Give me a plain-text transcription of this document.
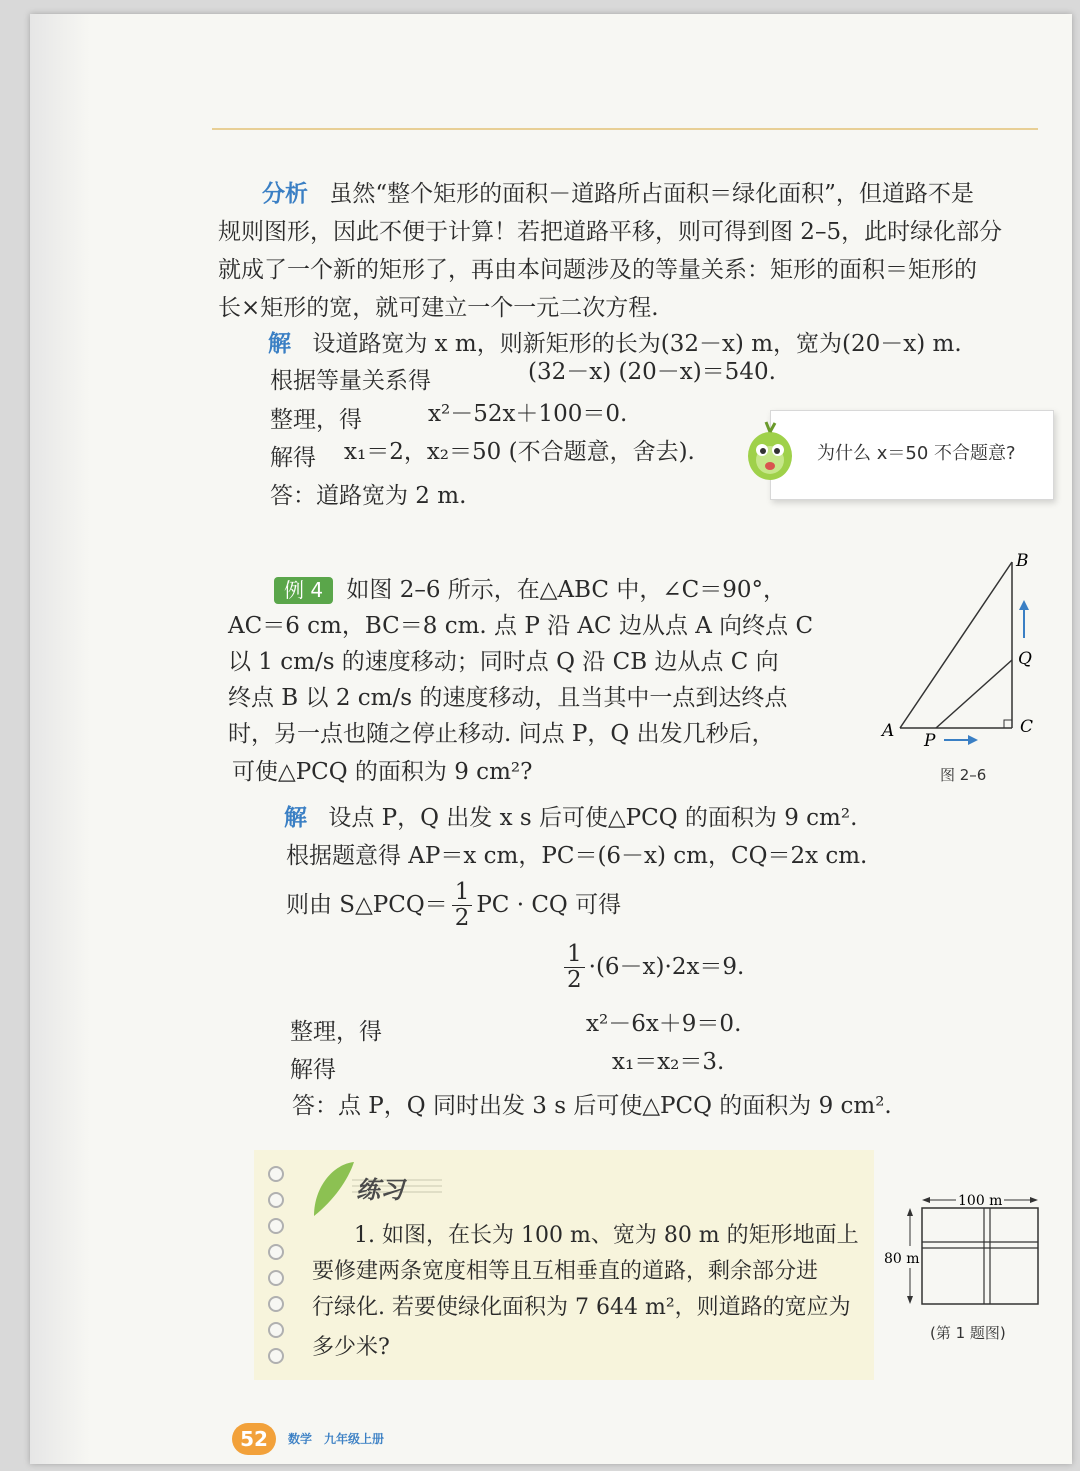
分析 虽然“整个矩形的面积－道路所占面积＝绿化面积”，但道路不是
规则图形，因此不便于计算！若把道路平移，则可得到图 2–5，此时绿化部分
就成了一个新的矩形了，再由本问题涉及的等量关系：矩形的面积＝矩形的
长×矩形的宽，就可建立一个一元二次方程.
解 设道路宽为 x m，则新矩形的长为(32－x) m，宽为(20－x) m.
根据等量关系得	(32－x) (20－x)＝540.
整理，得	x²－52x＋100＝0.
解得 x₁＝2，x₂＝50 (不合题意，舍去).
答：道路宽为 2 m.
为什么 x＝50 不合题意?
例 4 如图 2–6 所示，在△ABC 中，∠C＝90°，
AC＝6 cm，BC＝8 cm. 点 P 沿 AC 边从点 A 向终点 C
以 1 cm/s 的速度移动；同时点 Q 沿 CB 边从点 C 向
终点 B 以 2 cm/s 的速度移动，且当其中一点到达终点
时，另一点也随之停止移动. 问点 P，Q 出发几秒后，
可使△PCQ 的面积为 9 cm²?
A
B
C
P
Q
图 2–6
解 设点 P，Q 出发 x s 后可使△PCQ 的面积为 9 cm².
根据题意得 AP＝x cm，PC＝(6－x) cm，CQ＝2x cm.
则由 S△PCQ＝ $\frac{1}{2}$ PC · CQ 可得
$\frac{1}{2} \cdot(6-x)\cdot 2x=9$.
整理，得	x²－6x＋9＝0.
解得	x₁＝x₂＝3.
答：点 P，Q 同时出发 3 s 后可使△PCQ 的面积为 9 cm².
练习
1. 如图，在长为 100 m、宽为 80 m 的矩形地面上
要修建两条宽度相等且互相垂直的道路，剩余部分进
行绿化. 若要使绿化面积为 7 644 m²，则道路的宽应为
多少米?
100 m
80 m
(第 1 题图)
52	数学　九年级上册
